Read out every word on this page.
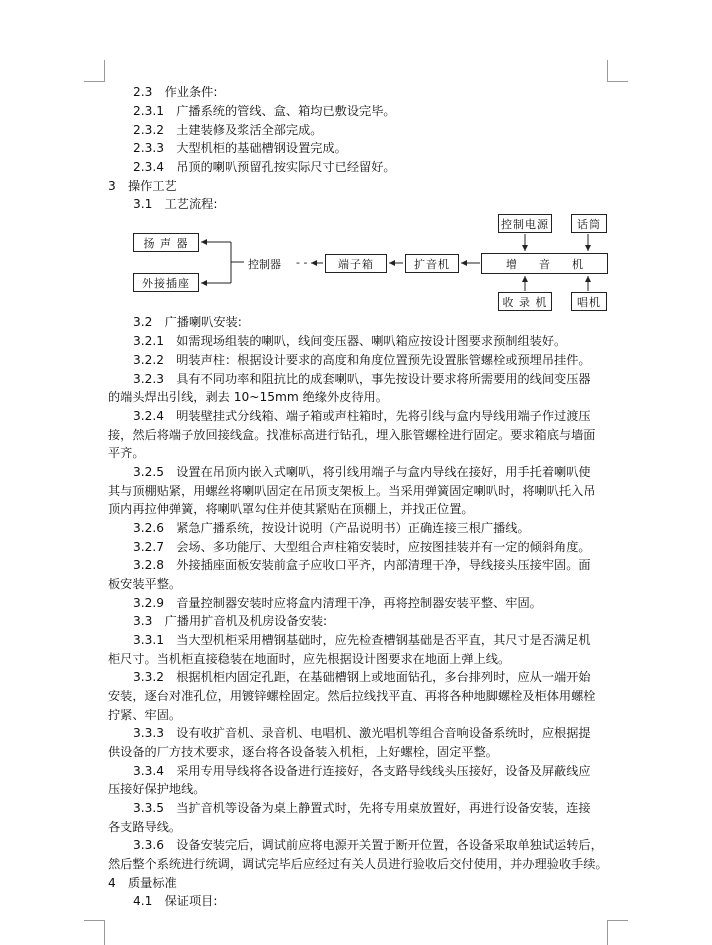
2.3　作业条件:
2.3.1　广播系统的管线、盒、箱均已敷设完毕。
2.3.2　土建装修及浆活全部完成。
2.3.3　大型机柜的基础槽钢设置完成。
2.3.4　吊顶的喇叭预留孔按实际尺寸已经留好。
3　操作工艺
3.1　工艺流程:
3.2　广播喇叭安装:
3.2.1　如需现场组装的喇叭，线间变压器、喇叭箱应按设计图要求预制组装好。
3.2.2　明装声柱：根据设计要求的高度和角度位置预先设置胀管螺栓或预埋吊挂件。
3.2.3　具有不同功率和阻抗比的成套喇叭，事先按设计要求将所需要用的线间变压器
的端头焊出引线，剥去 10~15mm 绝缘外皮待用。
3.2.4　明装壁挂式分线箱、端子箱或声柱箱时，先将引线与盒内导线用端子作过渡压
接，然后将端子放回接线盒。找准标高进行钻孔，埋入胀管螺栓进行固定。要求箱底与墙面
平齐。
3.2.5　设置在吊顶内嵌入式喇叭，将引线用端子与盒内导线在接好，用手托着喇叭使
其与顶棚贴紧，用螺丝将喇叭固定在吊顶支架板上。当采用弹簧固定喇叭时，将喇叭托入吊
顶内再拉伸弹簧，将喇叭罩勾住并使其紧贴在顶棚上，并找正位置。
3.2.6　紧急广播系统，按设计说明（产品说明书）正确连接三根广播线。
3.2.7　会场、多功能厅、大型组合声柱箱安装时，应按图挂装并有一定的倾斜角度。
3.2.8　外接插座面板安装前盒子应收口平齐，内部清理干净，导线接头压接牢固。面
板安装平整。
3.2.9　音量控制器安装时应将盒内清理干净，再将控制器安装平整、牢固。
3.3　广播用扩音机及机房设备安装:
3.3.1　当大型机柜采用槽钢基础时，应先检查槽钢基础是否平直，其尺寸是否满足机
柜尺寸。当机柜直接稳装在地面时，应先根据设计图要求在地面上弹上线。
3.3.2　根据机柜内固定孔距，在基础槽钢上或地面钻孔，多台排列时，应从一端开始
安装，逐台对准孔位，用镀锌螺栓固定。然后拉线找平直、再将各种地脚螺栓及柜体用螺栓
拧紧、牢固。
3.3.3　设有收扩音机、录音机、电唱机、激光唱机等组合音响设备系统时，应根据提
供设备的厂方技术要求，逐台将各设备装入机柜，上好螺栓，固定平整。
3.3.4　采用专用导线将各设备进行连接好，各支路导线线头压接好，设备及屏蔽线应
压接好保护地线。
3.3.5　当扩音机等设备为桌上静置式时，先将专用桌放置好，再进行设备安装，连接
各支路导线。
3.3.6　设备安装完后，调试前应将电源开关置于断开位置，各设备采取单独试运转后，
然后整个系统进行统调，调试完毕后应经过有关人员进行验收后交付使用，并办理验收手续。
4　质量标准
4.1　保证项目:
扬 声 器
外接插座
控制器 - -	端子箱	扩音机	增音机
控制电源	话筒
收 录 机	唱机
